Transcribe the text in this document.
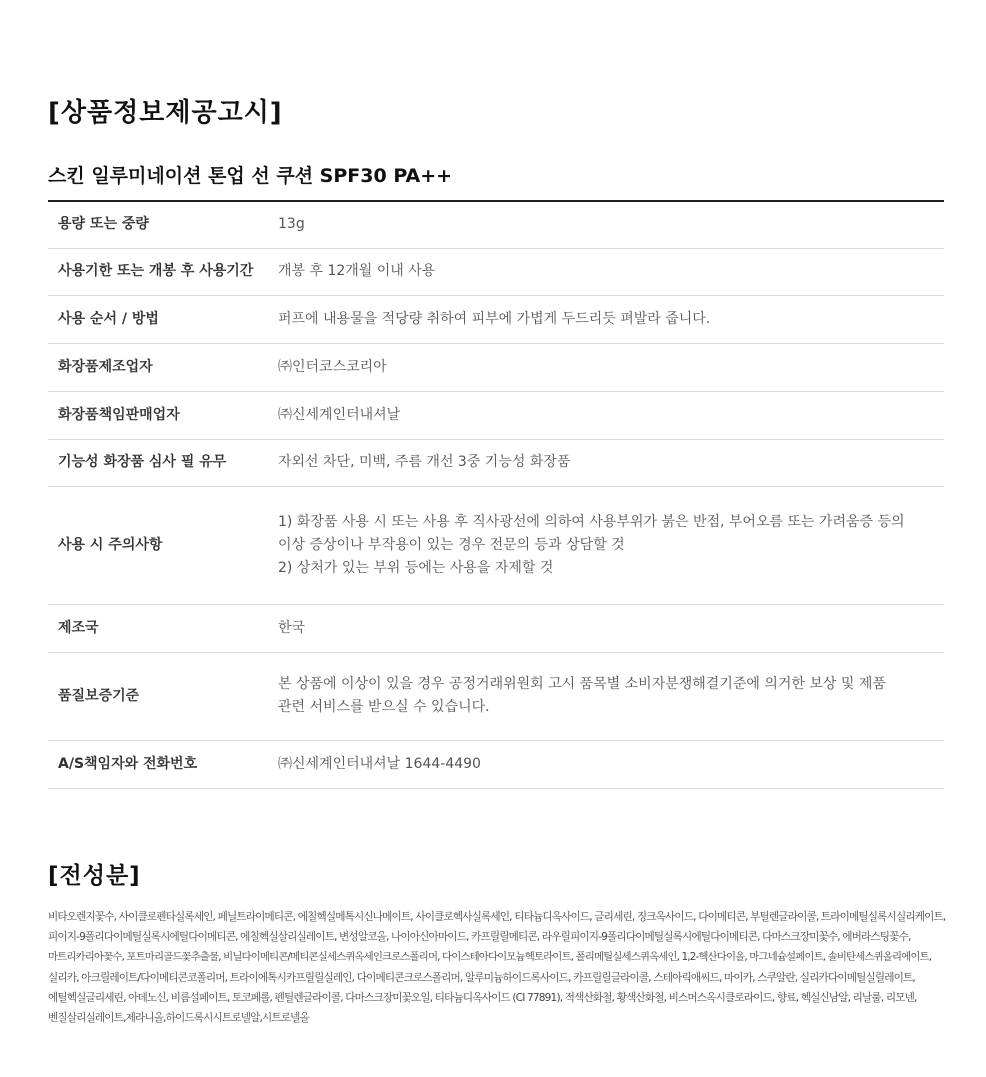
[상품정보제공고시]
스킨 일루미네이션 톤업 선 쿠션 SPF30 PA++
용량 또는 중량	13g

사용기한 또는 개봉 후 사용기간	개봉 후 12개월 이내 사용

사용 순서 / 방법	퍼프에 내용물을 적당량 취하여 피부에 가볍게 두드리듯 펴발라 줍니다.

화장품제조업자	㈜인터코스코리아

화장품책임판매업자	㈜신세계인터내셔날

기능성 화장품 심사 필 유무	자외선 차단, 미백, 주름 개선 3중 기능성 화장품

사용 시 주의사항	1) 화장품 사용 시 또는 사용 후 직사광선에 의하여 사용부위가 붉은 반점, 부어오름 또는 가려움증 등의
이상 증상이나 부작용이 있는 경우 전문의 등과 상담할 것
2) 상처가 있는 부위 등에는 사용을 자제할 것

제조국	한국

품질보증기준	본 상품에 이상이 있을 경우 공정거래위원회 고시 품목별 소비자분쟁해결기준에 의거한 보상 및 제품
관련 서비스를 받으실 수 있습니다.

A/S책임자와 전화번호	㈜신세계인터내셔날 1644-4490
[전성분]
비타오렌지꽃수, 사이클로펜타실록세인, 페닐트라이메티콘, 에칠헥실메톡시신나메이트, 사이클로헥사실록세인, 티타늄디옥사이드, 글리세린, 징크옥사이드, 다이메티콘, 부틸렌글라이콜, 트라이메틸실록시실리케이트,
피이지-9폴리다이메틸실록시에틸다이메티콘, 에칠헥실살리실레이트, 변성알코올, 나이아신아마이드, 카프릴릴메티콘, 라우릴피이지-9폴리다이메틸실록시에틸다이메티콘, 다마스크장미꽃수, 에버라스팅꽃수,
마트리카리아꽃수, 포트마리골드꽃추출물, 비닐다이메티콘/메티콘실세스퀴옥세인크로스폴리머, 다이스테아다이모늄헥토라이트, 폴리메틸실세스퀴옥세인, 1,2-헥산다이올, 마그네슘설페이트, 솔비탄세스퀴올리에이트,
실리카, 아크릴레이트/다이메티콘코폴리머, 트라이에톡시카프릴릴실레인, 다이메티콘크로스폴리머, 알루미늄하이드록사이드, 카프릴릴글라이콜, 스테아릭애씨드, 마이카, 스쿠알란, 실리카다이메틸실릴레이트,
에틸헥실글리세린, 아데노신, 비름설페이트, 토코페롤, 펜틸렌글라이콜, 다마스크장미꽃오일, 티타늄디옥사이드 (CI 77891), 적색산화철, 황색산화철, 비스머스옥시클로라이드, 향료, 헥실신남알, 리날룰, 리모넨,
벤질살리실레이트,제라니올,하이드록시시트로넬알,시트로넬올
